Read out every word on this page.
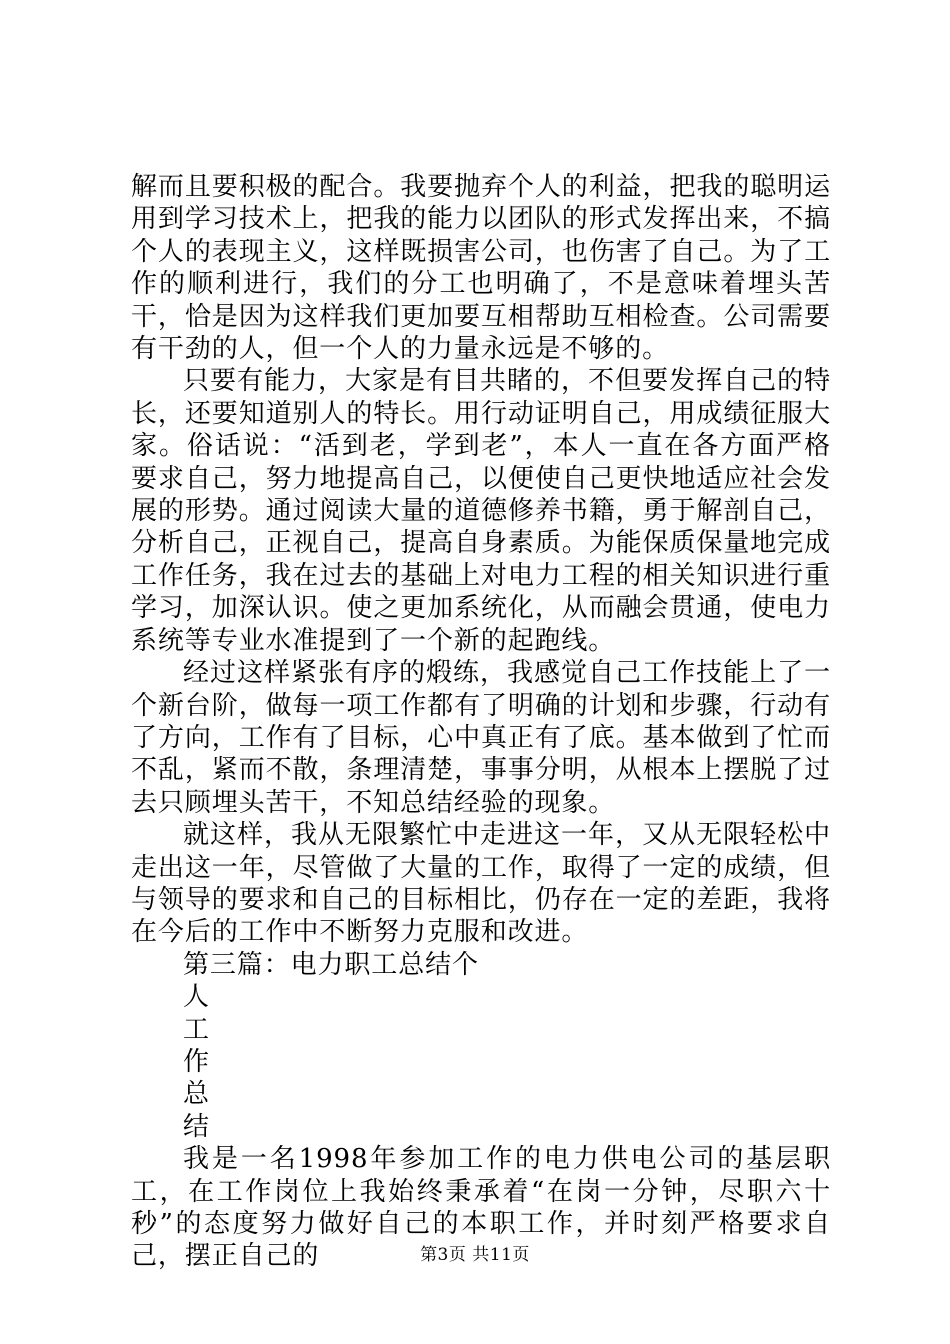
解而且要积极的配合。我要抛弃个人的利益，把我的聪明运用到学习技术上，把我的能力以团队的形式发挥出来，不搞个人的表现主义，这样既损害公司，也伤害了自己。为了工作的顺利进行，我们的分工也明确了，不是意味着埋头苦干，恰是因为这样我们更加要互相帮助互相检查。公司需要有干劲的人，但一个人的力量永远是不够的。

只要有能力，大家是有目共睹的，不但要发挥自己的特长，还要知道别人的特长。用行动证明自己，用成绩征服大家。俗话说：“活到老，学到老”，本人一直在各方面严格要求自己，努力地提高自己，以便使自己更快地适应社会发展的形势。通过阅读大量的道德修养书籍，勇于解剖自己，分析自己，正视自己，提高自身素质。为能保质保量地完成工作任务，我在过去的基础上对电力工程的相关知识进行重学习，加深认识。使之更加系统化，从而融会贯通，使电力系统等专业水准提到了一个新的起跑线。

经过这样紧张有序的煅练，我感觉自己工作技能上了一个新台阶，做每一项工作都有了明确的计划和步骤，行动有了方向，工作有了目标，心中真正有了底。基本做到了忙而不乱，紧而不散，条理清楚，事事分明，从根本上摆脱了过去只顾埋头苦干，不知总结经验的现象。

就这样，我从无限繁忙中走进这一年，又从无限轻松中走出这一年，尽管做了大量的工作，取得了一定的成绩，但与领导的要求和自己的目标相比，仍存在一定的差距，我将在今后的工作中不断努力克服和改进。

第三篇：电力职工总结个

人

工

作

总

结

我是一名1998年参加工作的电力供电公司的基层职工，在工作岗位上我始终秉承着“在岗一分钟，尽职六十秒”的态度努力做好自己的本职工作，并时刻严格要求自己，摆正自己的	第3页 共11页
